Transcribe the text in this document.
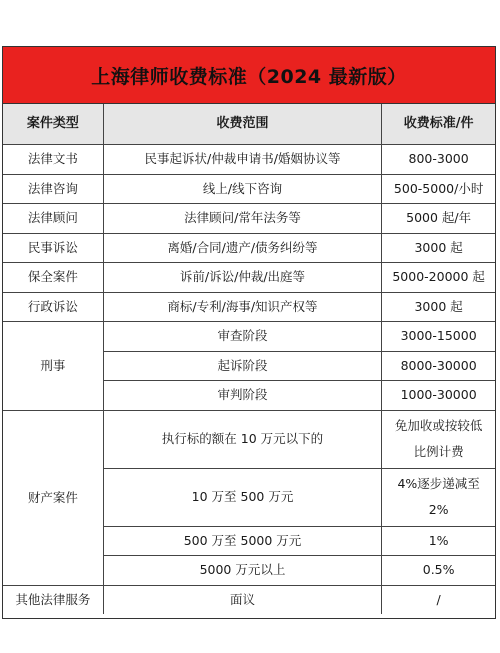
上海律师收费标准（2024 最新版）
案件类型	收费范围	收费标准/件
法律文书	民事起诉状/仲裁申请书/婚姻协议等	800-3000
法律咨询	线上/线下咨询	500-5000/小时
法律顾问	法律顾问/常年法务等	5000 起/年
民事诉讼	离婚/合同/遗产/债务纠纷等	3000 起
保全案件	诉前/诉讼/仲裁/出庭等	5000-20000 起
行政诉讼	商标/专利/海事/知识产权等	3000 起
刑事	审查阶段	3000-15000
	起诉阶段	8000-30000
	审判阶段	1000-30000
财产案件	执行标的额在 10 万元以下的	免加收或按较低
比例计费

	10 万至 500 万元	4%逐步递减至
2%

	500 万至 5000 万元	1%
	5000 万元以上	0.5%
其他法律服务	面议	/
